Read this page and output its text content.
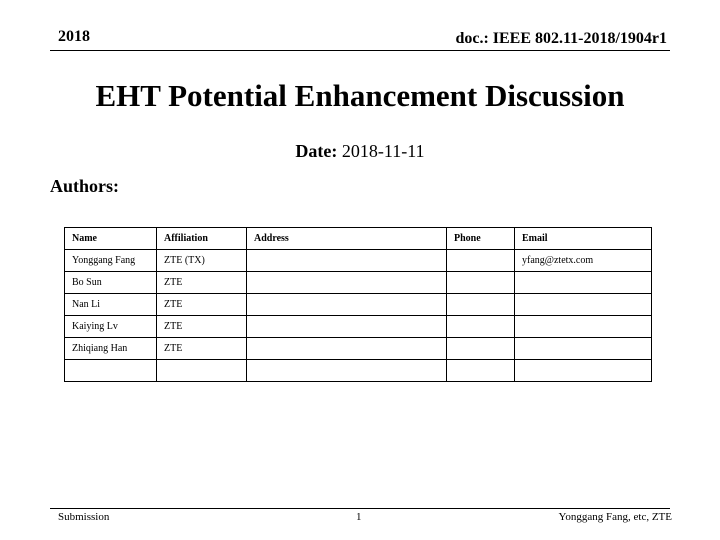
2018	doc.: IEEE 802.11-2018/1904r1
EHT Potential Enhancement Discussion
Date: 2018-11-11
Authors:
Name	Affiliation	Address	Phone	Email
Yonggang Fang	ZTE (TX)			yfang@ztetx.com
Bo Sun	ZTE			
Nan Li	ZTE			
Kaiying Lv	ZTE			
Zhiqiang Han	ZTE			

Submission	1	Yonggang Fang, etc, ZTE
